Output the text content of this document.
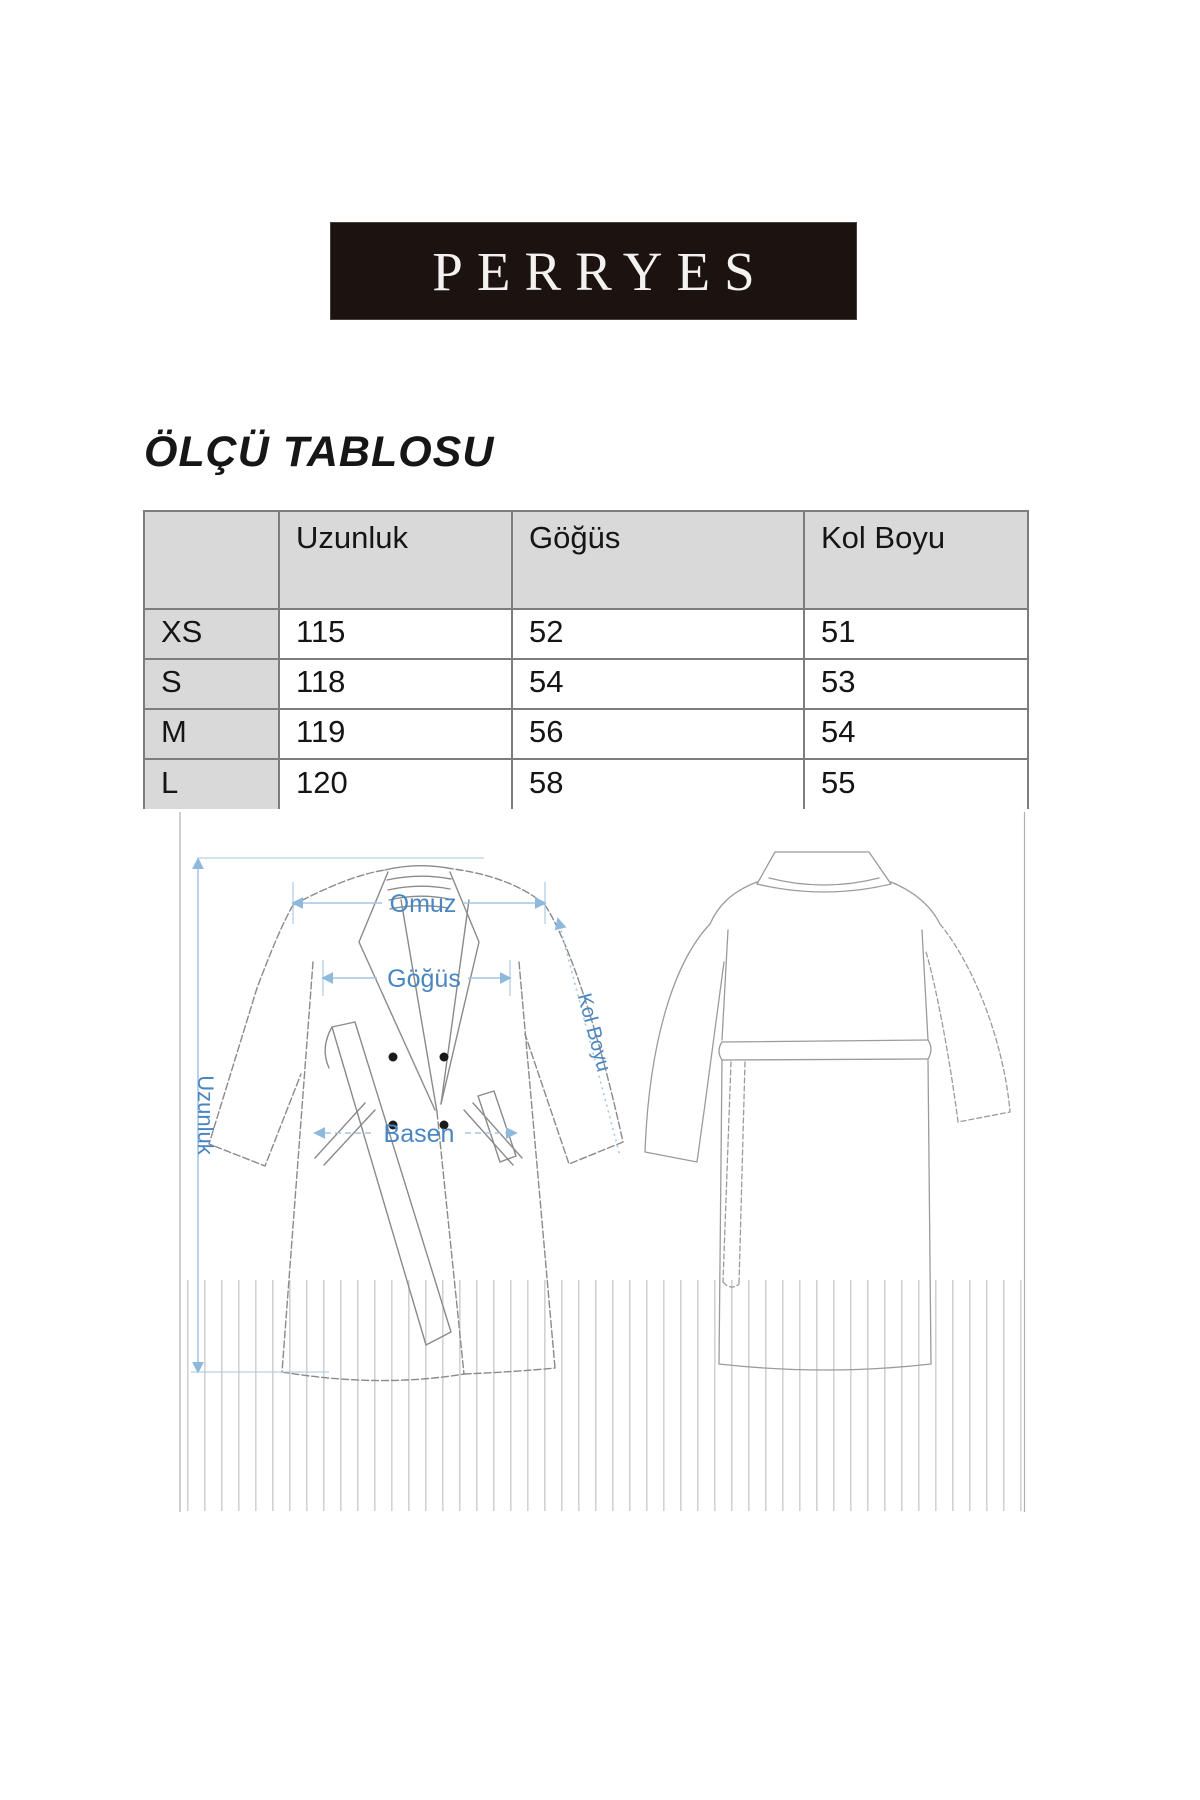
PERRYES
ÖLÇÜ TABLOSU
	Uzunluk	Göğüs	Kol Boyu
XS	115	52	51
S	118	54	53
M	119	56	54
L	120	58	55
Omuz
Göğüs
Basen
Uzunluk
Kol Boyu
